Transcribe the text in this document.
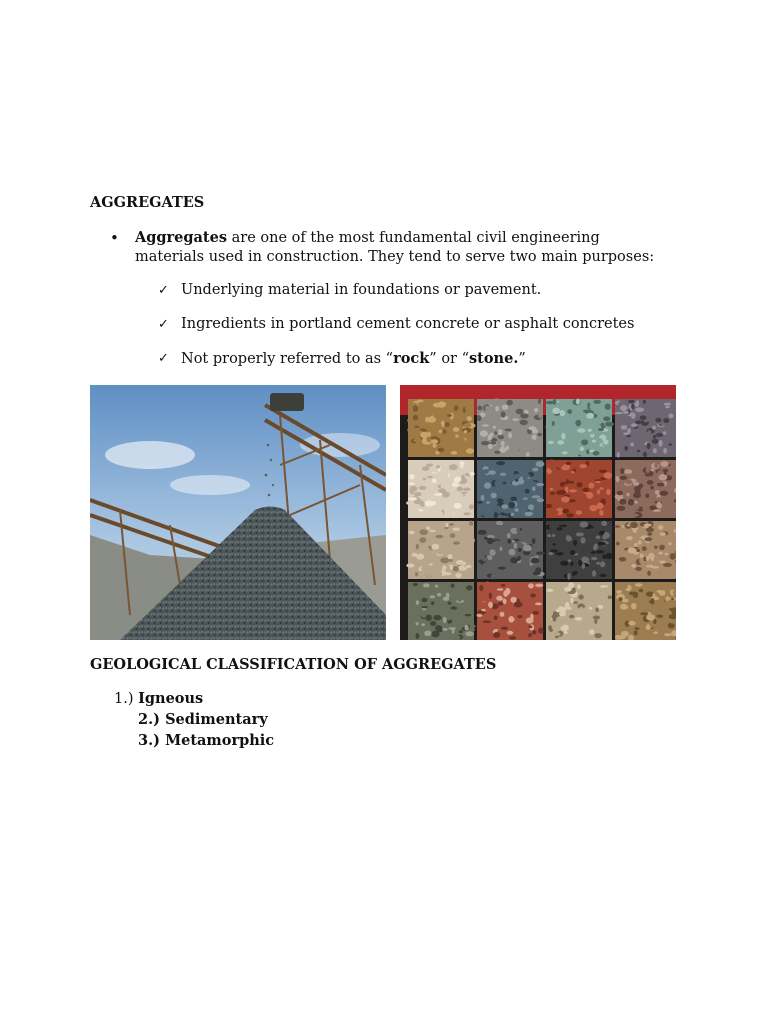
AGGREGATES
• Aggregates are one of the most fundamental civil engineering
materials used in construction. They tend to serve two main purposes:
✓ Underlying material in foundations or pavement.
✓ Ingredients in portland cement concrete or asphalt concretes
✓ Not properly referred to as “rock” or “stone.”
GEOLOGICAL CLASSIFICATION OF AGGREGATES
1.) Igneous
2.) Sedimentary
3.) Metamorphic
